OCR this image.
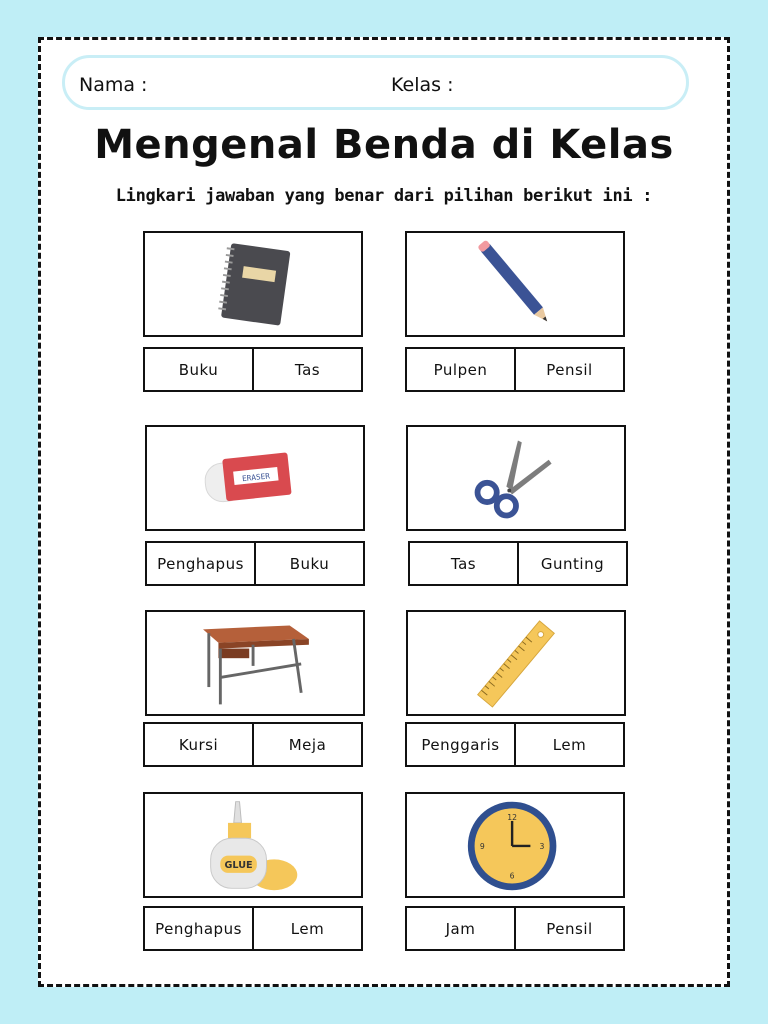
Nama :	Kelas :
Mengenal Benda di Kelas
Lingkari jawaban yang benar dari pilihan berikut ini :
Buku	Tas	Pulpen	Pensil
ERASER
Penghapus	Buku	Tas	Gunting
Kursi	Meja	Penggaris	Lem
GLUE
Penghapus	Lem
12
3
6
9
Jam	Pensil
